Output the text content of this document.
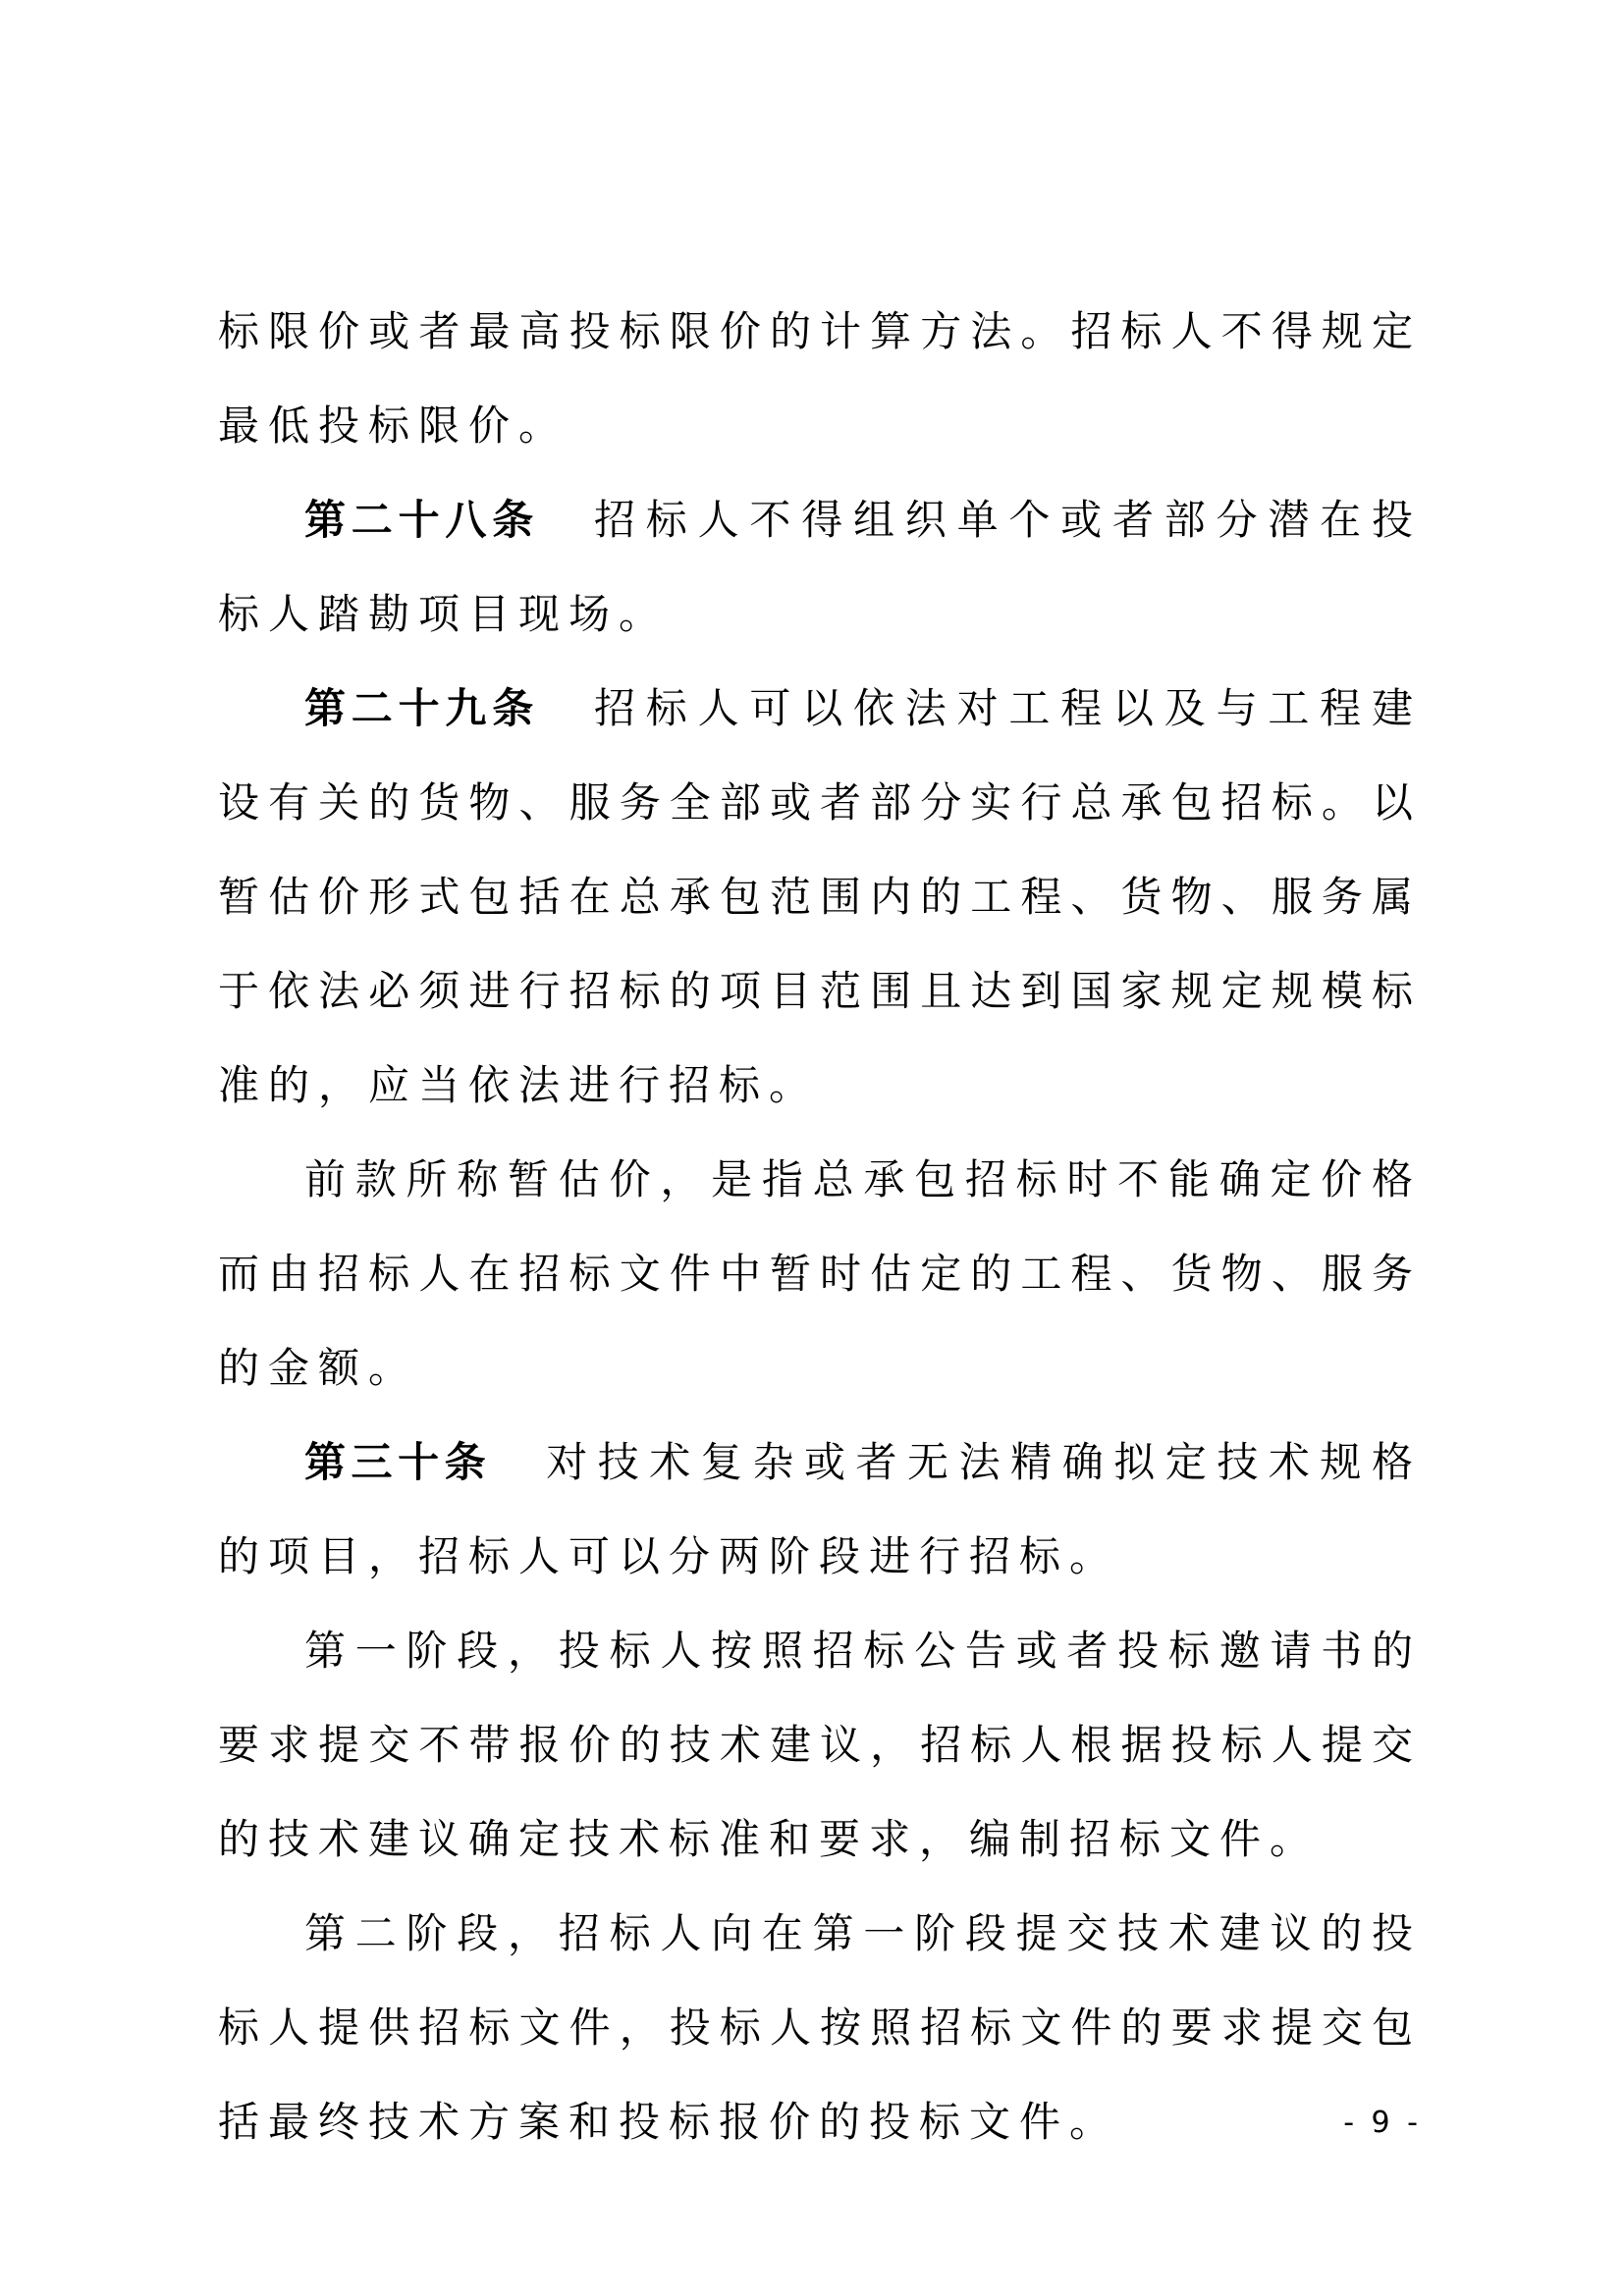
标限价或者最高投标限价的计算方法。招标人不得规定最低投标限价。

第二十八条 招标人不得组织单个或者部分潜在投标人踏勘项目现场。

第二十九条 招标人可以依法对工程以及与工程建设有关的货物、服务全部或者部分实行总承包招标。以暂估价形式包括在总承包范围内的工程、货物、服务属于依法必须进行招标的项目范围且达到国家规定规模标准的，应当依法进行招标。

前款所称暂估价，是指总承包招标时不能确定价格而由招标人在招标文件中暂时估定的工程、货物、服务的金额。

第三十条 对技术复杂或者无法精确拟定技术规格的项目，招标人可以分两阶段进行招标。

第一阶段，投标人按照招标公告或者投标邀请书的要求提交不带报价的技术建议，招标人根据投标人提交的技术建议确定技术标准和要求，编制招标文件。

第二阶段，招标人向在第一阶段提交技术建议的投标人提供招标文件，投标人按照招标文件的要求提交包括最终技术方案和投标报价的投标文件。	- 9 -
